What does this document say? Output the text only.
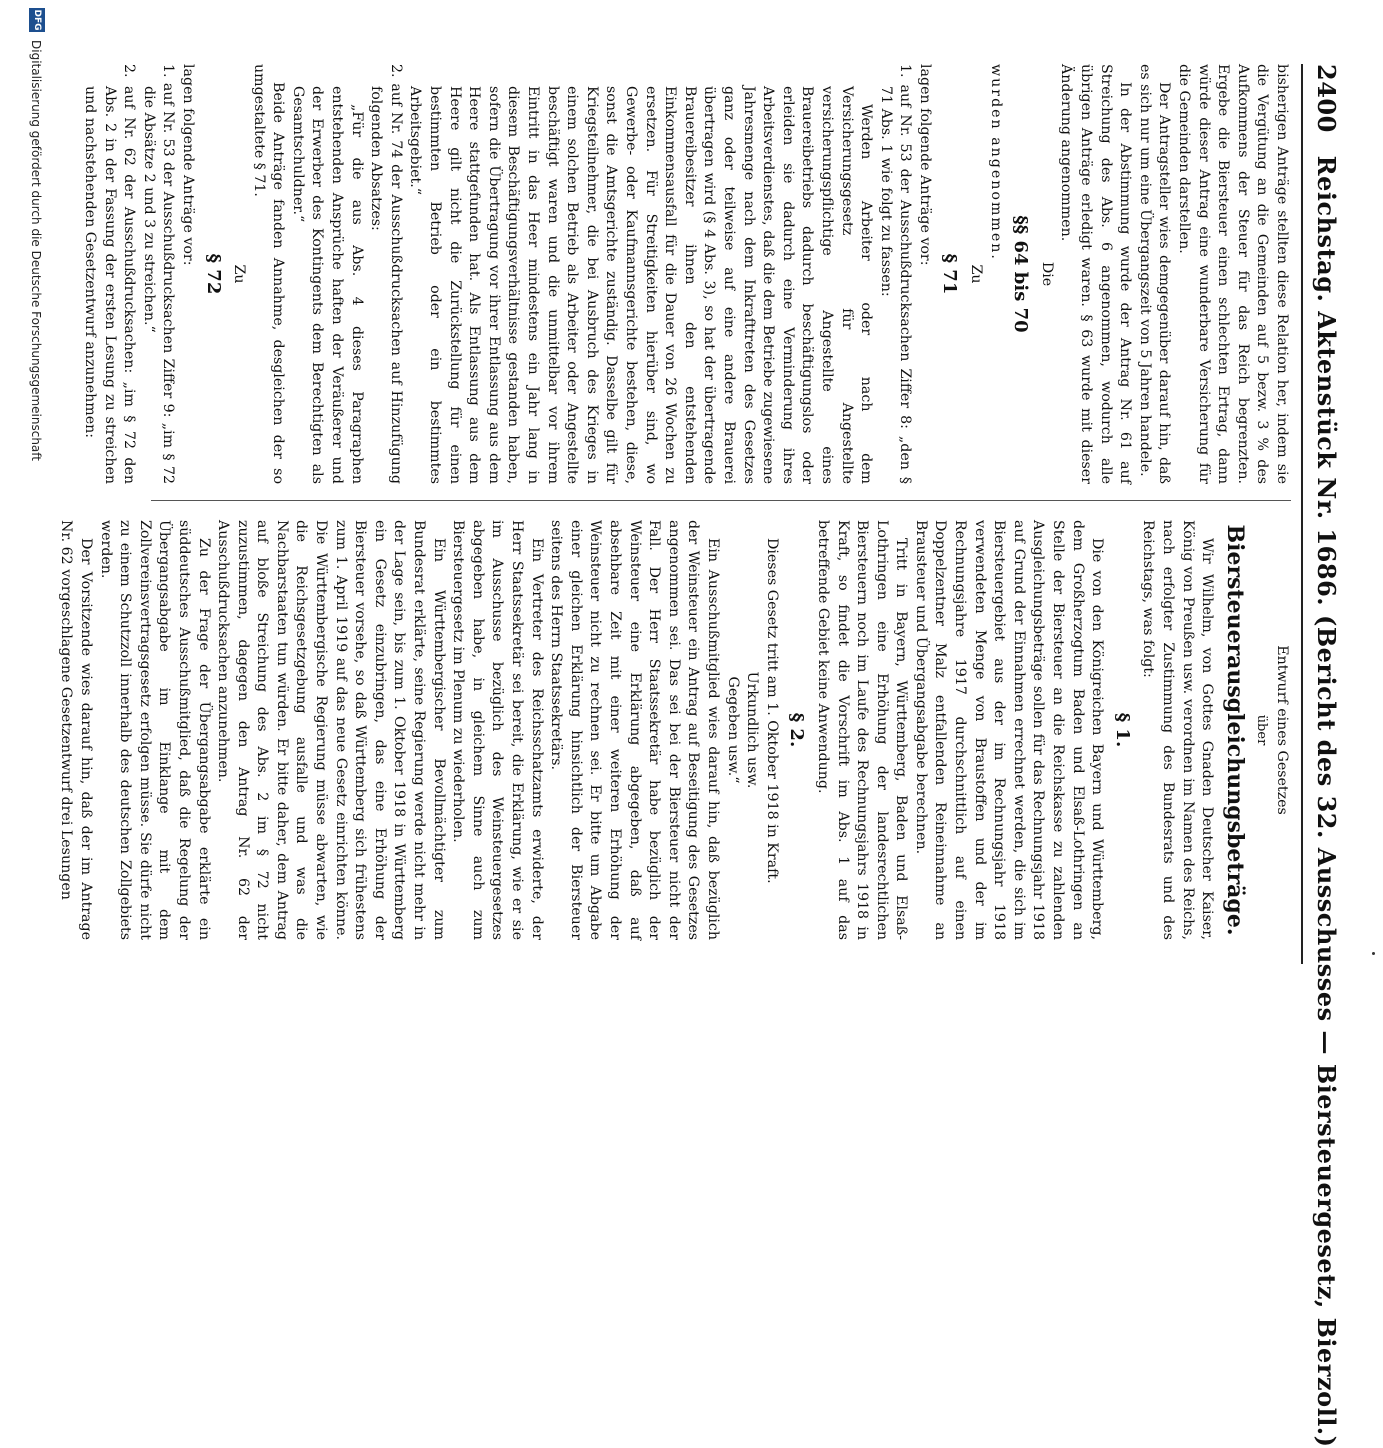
2400 Reichstag. Aktenstück Nr. 1686. (Bericht des 32. Ausschusses — Biersteuergesetz, Bierzoll.)

bisherigen Anträge stellten diese Relation her, indem sie die Vergütung an die Gemeinden auf 5 bezw. 3 % des Aufkommens der Steuer für das Reich begrenzten. Ergebe die Biersteuer einen schlechten Ertrag, dann würde dieser Antrag eine wunderbare Versicherung für die Gemeinden darstellen.

Der Antragsteller wies demgegenüber darauf hin, daß es sich nur um eine Übergangszeit von 5 Jahren handele.

In der Abstimmung wurde der Antrag Nr. 61 auf Streichung des Abs. 6 angenommen, wodurch alle übrigen Anträge erledigt waren. § 63 wurde mit dieser Änderung angenommen.

Die

§§ 64 bis 70

wurden angenommen.

Zu

§ 71

lagen folgende Anträge vor:

1. auf Nr. 53 der Ausschußdrucksachen Ziffer 8: „den § 71 Abs. 1 wie folgt zu fassen:

Werden Arbeiter oder nach dem Versicherungsgesetz für Angestellte versicherungspflichtige Angestellte eines Brauereibetriebs dadurch beschäftigungslos oder erleiden sie dadurch eine Verminderung ihres Arbeitsverdienstes, daß die dem Betriebe zugewiesene Jahresmenge nach dem Inkrafttreten des Gesetzes ganz oder teilweise auf eine andere Brauerei übertragen wird (§ 4 Abs. 3), so hat der übertragende Brauereibesitzer ihnen den entstehenden Einkommensausfall für die Dauer von 26 Wochen zu ersetzen. Für Streitigkeiten hierüber sind, wo Gewerbe- oder Kaufmannsgerichte bestehen, diese, sonst die Amtsgerichte zuständig. Dasselbe gilt für Kriegsteilnehmer, die bei Ausbruch des Krieges in einem solchen Betrieb als Arbeiter oder Angestellte beschäftigt waren und die unmittelbar vor ihrem Eintritt in das Heer mindestens ein Jahr lang in diesem Beschäftigungsverhältnisse gestanden haben, sofern die Übertragung vor ihrer Entlassung aus dem Heere stattgefunden hat. Als Entlassung aus dem Heere gilt nicht die Zurückstellung für einen bestimmten Betrieb oder ein bestimmtes Arbeitsgebiet.“

2. auf Nr. 74 der Ausschußdrucksachen auf Hinzufügung folgenden Absatzes:

„Für die aus Abs. 4 dieses Paragraphen entstehenden Ansprüche haften der Veräußerer und der Erwerber des Kontingents dem Berechtigten als Gesamtschuldner.“

Beide Anträge fanden Annahme, desgleichen der so umgestaltete § 71.

Zu

§ 72

lagen folgende Anträge vor:

1. auf Nr. 53 der Ausschußdrucksachen Ziffer 9: „im § 72 die Absätze 2 und 3 zu streichen.“

2. auf Nr. 62 der Ausschußdrucksachen: „im § 72 den Abs. 2 in der Fassung der ersten Lesung zu streichen und nachstehenden Gesetzentwurf anzunehmen:

Entwurf eines Gesetzes

über

Biersteuerausgleichungsbeträge.

Wir Wilhelm, von Gottes Gnaden Deutscher Kaiser, König von Preußen usw. verordnen im Namen des Reichs, nach erfolgter Zustimmung des Bundesrats und des Reichstags, was folgt:

§ 1.

Die von den Königreichen Bayern und Württemberg, dem Großherzogtum Baden und Elsaß-Lothringen an Stelle der Biersteuer an die Reichskasse zu zahlenden Ausgleichungsbeträge sollen für das Rechnungsjahr 1918 auf Grund der Einnahmen errechnet werden, die sich im Biersteuergebiet aus der im Rechnungsjahr 1918 verwendeten Menge von Braustoffen und der im Rechnungsjahre 1917 durchschnittlich auf einen Doppelzentner Malz entfallenden Reineinnahme an Brausteuer und Übergangsabgabe berechnen.

Tritt in Bayern, Württemberg, Baden und Elsaß-Lothringen eine Erhöhung der landesrechtlichen Biersteuern noch im Laufe des Rechnungsjahrs 1918 in Kraft, so findet die Vorschrift im Abs. 1 auf das betreffende Gebiet keine Anwendung.

§ 2.

Dieses Gesetz tritt am 1. Oktober 1918 in Kraft.

Urkundlich usw.

Gegeben usw.“

Ein Ausschußmitglied wies darauf hin, daß bezüglich der Weinsteuer ein Antrag auf Beseitigung des Gesetzes angenommen sei. Das sei bei der Biersteuer nicht der Fall. Der Herr Staatssekretär habe bezüglich der Weinsteuer eine Erklärung abgegeben, daß auf absehbare Zeit mit einer weiteren Erhöhung der Weinsteuer nicht zu rechnen sei. Er bitte um Abgabe einer gleichen Erklärung hinsichtlich der Biersteuer seitens des Herrn Staatssekretärs.

Ein Vertreter des Reichsschatzamts erwiderte, der Herr Staatssekretär sei bereit, die Erklärung, wie er sie im Ausschusse bezüglich des Weinsteuergesetzes abgegeben habe, in gleichem Sinne auch zum Biersteuergesetz im Plenum zu wiederholen.

Ein Württembergischer Bevollmächtigter zum Bundesrat erklärte, seine Regierung werde nicht mehr in der Lage sein, bis zum 1. Oktober 1918 in Württemberg ein Gesetz einzubringen, das eine Erhöhung der Biersteuer vorsehe, so daß Württemberg sich frühestens zum 1. April 1919 auf das neue Gesetz einrichten könne. Die Württembergische Regierung müsse abwarten, wie die Reichsgesetzgebung ausfalle und was die Nachbarstaaten tun würden. Er bitte daher, dem Antrag auf bloße Streichung des Abs. 2 im § 72 nicht zuzustimmen, dagegen den Antrag Nr. 62 der Ausschußdrucksachen anzunehmen.

Zu der Frage der Übergangsabgabe erklärte ein süddeutsches Ausschußmitglied, daß die Regelung der Übergangsabgabe im Einklange mit dem Zollvereinsvertragsgesetz erfolgen müsse. Sie dürfe nicht zu einem Schutzzoll innerhalb des deutschen Zollgebiets werden.

Der Vorsitzende wies darauf hin, daß der im Antrage Nr. 62 vorgeschlagene Gesetzentwurf drei Lesungen

DFG
Digitalisierung gefördert durch die Deutsche Forschungsgemeinschaft
